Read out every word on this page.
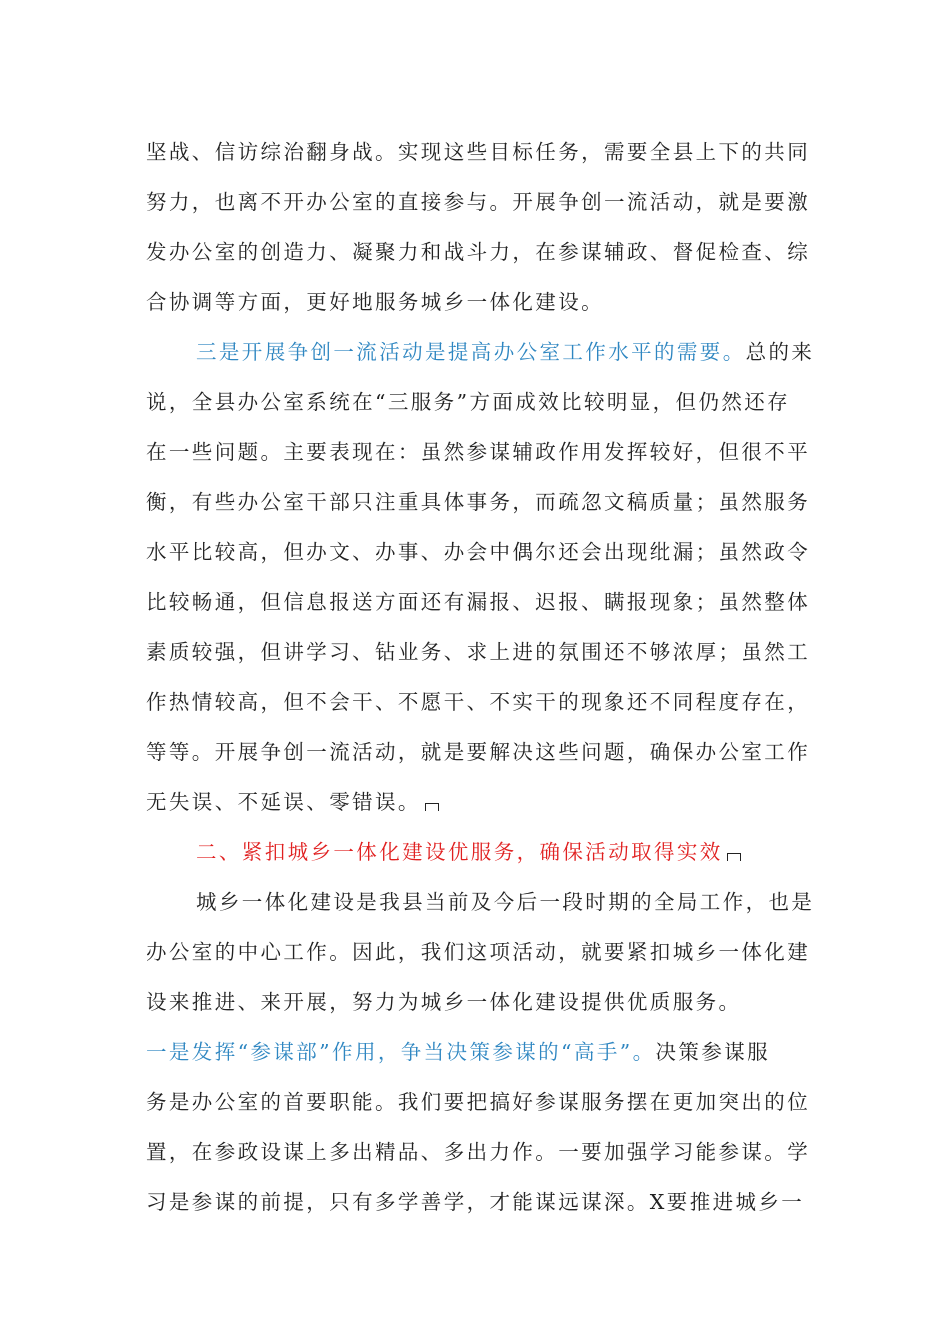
坚战、信访综治翻身战。实现这些目标任务，需要全县上下的共同
努力，也离不开办公室的直接参与。开展争创一流活动，就是要激
发办公室的创造力、凝聚力和战斗力，在参谋辅政、督促检查、综
合协调等方面，更好地服务城乡一体化建设。
三是开展争创一流活动是提高办公室工作水平的需要。总的来
说，全县办公室系统在“三服务”方面成效比较明显，但仍然还存
在一些问题。主要表现在：虽然参谋辅政作用发挥较好，但很不平
衡，有些办公室干部只注重具体事务，而疏忽文稿质量；虽然服务
水平比较高，但办文、办事、办会中偶尔还会出现纰漏；虽然政令
比较畅通，但信息报送方面还有漏报、迟报、瞒报现象；虽然整体
素质较强，但讲学习、钻业务、求上进的氛围还不够浓厚；虽然工
作热情较高，但不会干、不愿干、不实干的现象还不同程度存在，
等等。开展争创一流活动，就是要解决这些问题，确保办公室工作
无失误、不延误、零错误。
二、紧扣城乡一体化建设优服务，确保活动取得实效
城乡一体化建设是我县当前及今后一段时期的全局工作，也是
办公室的中心工作。因此，我们这项活动，就要紧扣城乡一体化建
设来推进、来开展，努力为城乡一体化建设提供优质服务。
一是发挥“参谋部”作用，争当决策参谋的“高手”。决策参谋服
务是办公室的首要职能。我们要把搞好参谋服务摆在更加突出的位
置，在参政设谋上多出精品、多出力作。一要加强学习能参谋。学
习是参谋的前提，只有多学善学，才能谋远谋深。X要推进城乡一
